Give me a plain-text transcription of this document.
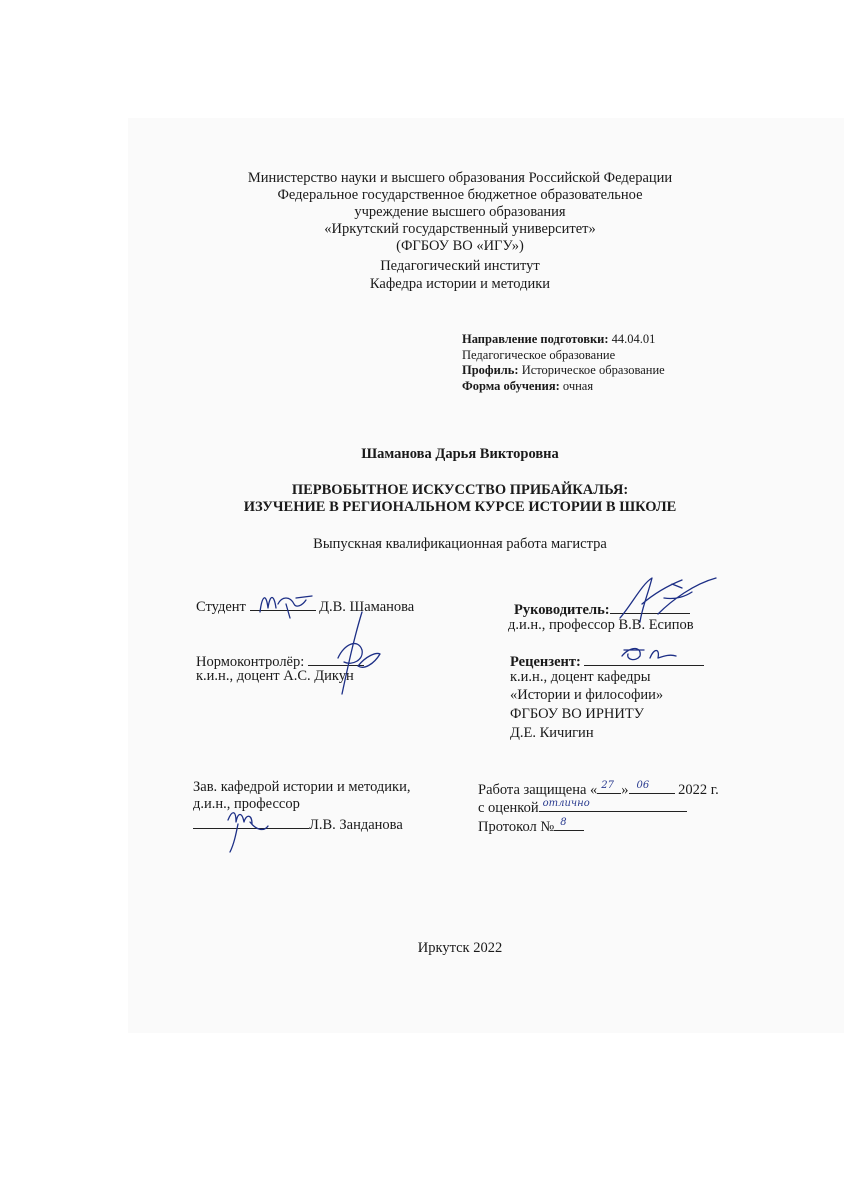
Министерство науки и высшего образования Российской Федерации
Федеральное государственное бюджетное образовательное
учреждение высшего образования
«Иркутский государственный университет»
(ФГБОУ ВО «ИГУ»)
Педагогический институт
Кафедра истории и методики
Направление подготовки: 44.04.01
Педагогическое образование
Профиль: Историческое образование
Форма обучения: очная
Шаманова Дарья Викторовна
ПЕРВОБЫТНОЕ ИСКУССТВО ПРИБАЙКАЛЬЯ:
ИЗУЧЕНИЕ В РЕГИОНАЛЬНОМ КУРСЕ ИСТОРИИ В ШКОЛЕ
Выпускная квалификационная работа магистра
Студент	Д.В. Шаманова	Руководитель:
д.и.н., профессор В.В. Есипов
Нормоконтролёр:
к.и.н., доцент А.С. Дикун
Рецензент:
к.и.н., доцент кафедры
«Истории и философии»
ФГБОУ ВО ИРНИТУ
Д.Е. Кичигин
Зав. кафедрой истории и методики,
д.и.н., профессор
Л.В. Занданова
Работа защищена « 27 » 06 2022 г.
с оценкой отлично
Протокол № 8
Иркутск 2022
